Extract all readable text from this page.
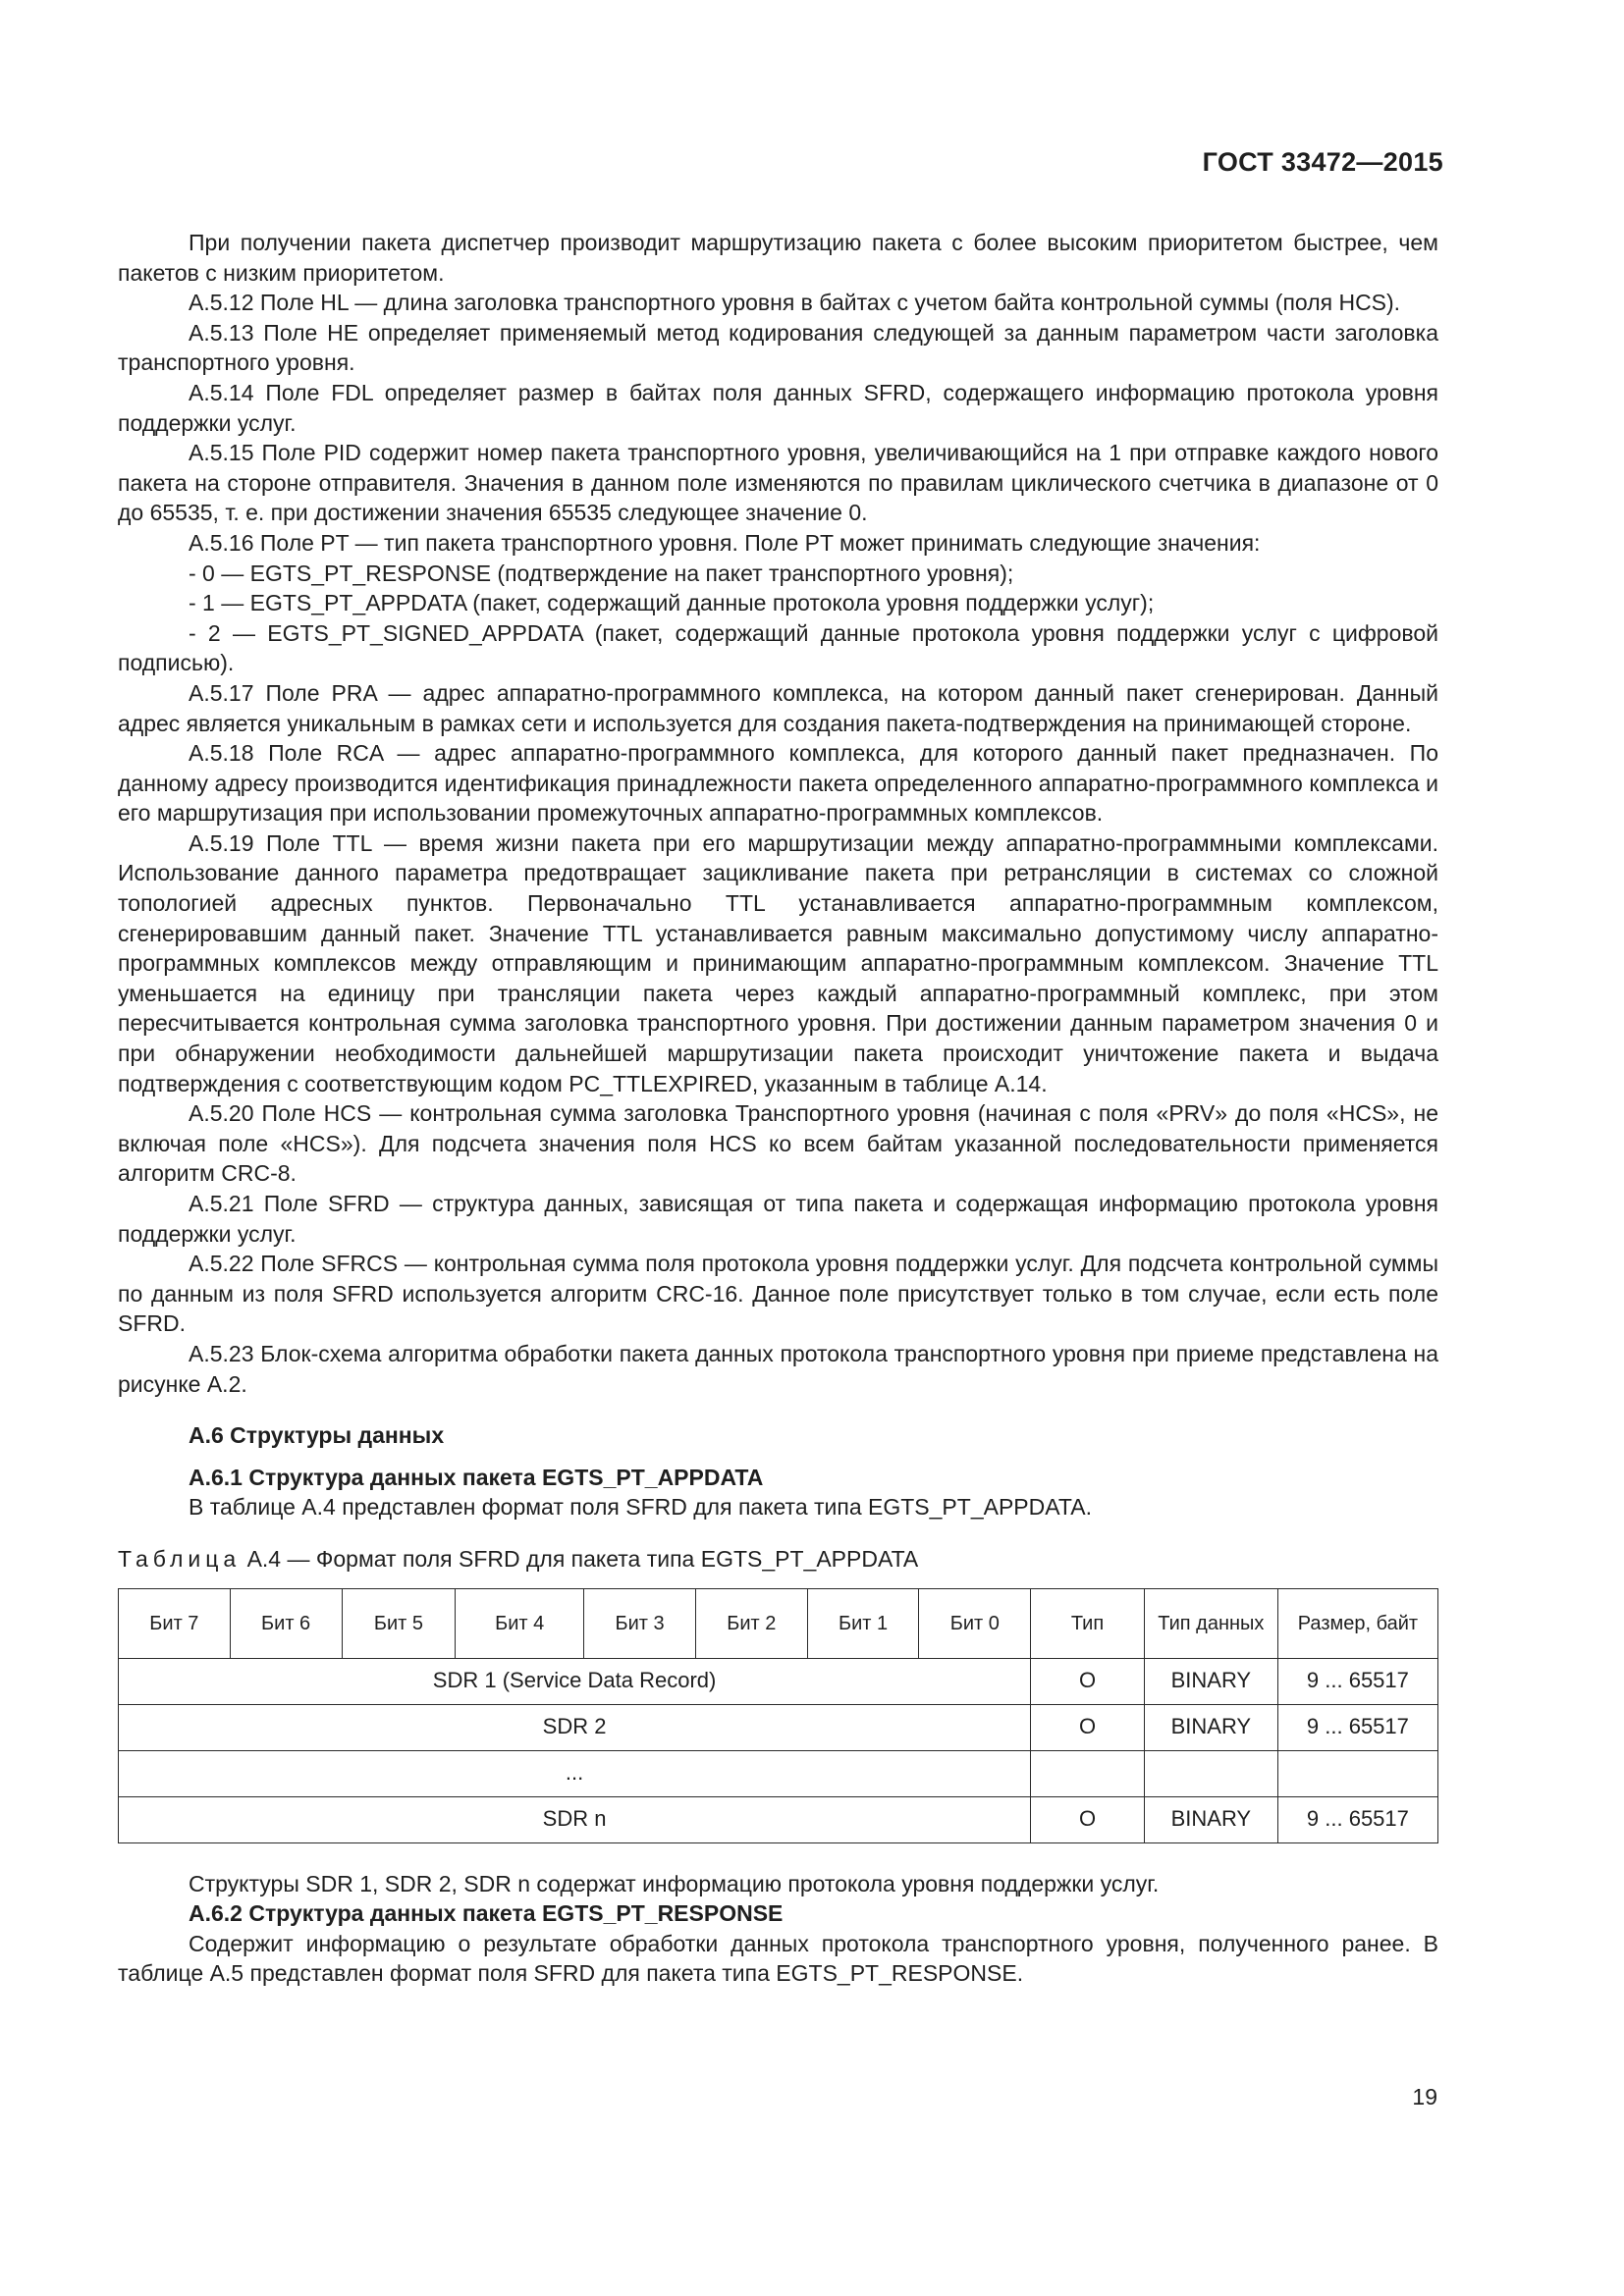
ГОСТ 33472—2015

При получении пакета диспетчер производит маршрутизацию пакета с более высоким приоритетом быстрее, чем пакетов с низким приоритетом.

А.5.12 Поле HL — длина заголовка транспортного уровня в байтах с учетом байта контрольной суммы (поля HCS).

А.5.13 Поле HE определяет применяемый метод кодирования следующей за данным параметром части заголовка транспортного уровня.

А.5.14 Поле FDL определяет размер в байтах поля данных SFRD, содержащего информацию протокола уровня поддержки услуг.

А.5.15 Поле PID содержит номер пакета транспортного уровня, увеличивающийся на 1 при отправке каждого нового пакета на стороне отправителя. Значения в данном поле изменяются по правилам циклического счетчика в диапазоне от 0 до 65535, т. е. при достижении значения 65535 следующее значение 0.

А.5.16 Поле PT — тип пакета транспортного уровня. Поле PT может принимать следующие значения:

- 0 — EGTS_PT_RESPONSE (подтверждение на пакет транспортного уровня);

- 1 — EGTS_PT_APPDATA (пакет, содержащий данные протокола уровня поддержки услуг);

- 2 — EGTS_PT_SIGNED_APPDATA (пакет, содержащий данные протокола уровня поддержки услуг с цифровой подписью).

А.5.17 Поле PRA — адрес аппаратно-программного комплекса, на котором данный пакет сгенерирован. Данный адрес является уникальным в рамках сети и используется для создания пакета-подтверждения на принимающей стороне.

А.5.18 Поле RCA — адрес аппаратно-программного комплекса, для которого данный пакет предназначен. По данному адресу производится идентификация принадлежности пакета определенного аппаратно-программного комплекса и его маршрутизация при использовании промежуточных аппаратно-программных комплексов.

А.5.19 Поле TTL — время жизни пакета при его маршрутизации между аппаратно-программными комплексами. Использование данного параметра предотвращает зацикливание пакета при ретрансляции в системах со сложной топологией адресных пунктов. Первоначально TTL устанавливается аппаратно-программным комплексом, сгенерировавшим данный пакет. Значение TTL устанавливается равным максимально допустимому числу аппаратно-программных комплексов между отправляющим и принимающим аппаратно-программным комплексом. Значение TTL уменьшается на единицу при трансляции пакета через каждый аппаратно-программный комплекс, при этом пересчитывается контрольная сумма заголовка транспортного уровня. При достижении данным параметром значения 0 и при обнаружении необходимости дальнейшей маршрутизации пакета происходит уничтожение пакета и выдача подтверждения с соответствующим кодом PC_TTLEXPIRED, указанным в таблице А.14.

А.5.20 Поле HCS — контрольная сумма заголовка Транспортного уровня (начиная с поля «PRV» до поля «HCS», не включая поле «HCS»). Для подсчета значения поля HCS ко всем байтам указанной последовательности применяется алгоритм CRC-8.

А.5.21 Поле SFRD — структура данных, зависящая от типа пакета и содержащая информацию протокола уровня поддержки услуг.

А.5.22 Поле SFRCS — контрольная сумма поля протокола уровня поддержки услуг. Для подсчета контрольной суммы по данным из поля SFRD используется алгоритм CRC-16. Данное поле присутствует только в том случае, если есть поле SFRD.

А.5.23 Блок-схема алгоритма обработки пакета данных протокола транспортного уровня при приеме представлена на рисунке А.2.

А.6 Структуры данных

А.6.1 Структура данных пакета EGTS_PT_APPDATA

В таблице А.4 представлен формат поля SFRD для пакета типа EGTS_PT_APPDATA.

Таблица А.4 — Формат поля SFRD для пакета типа EGTS_PT_APPDATA

Бит 7	Бит 6	Бит 5	Бит 4	Бит 3	Бит 2	Бит 1	Бит 0	Тип	Тип данных	Размер, байт
SDR 1 (Service Data Record)								O	BINARY	9 ... 65517
SDR 2								O	BINARY	9 ... 65517
...										
SDR n								O	BINARY	9 ... 65517

Структуры SDR 1, SDR 2, SDR n содержат информацию протокола уровня поддержки услуг.

А.6.2 Структура данных пакета EGTS_PT_RESPONSE

Содержит информацию о результате обработки данных протокола транспортного уровня, полученного ранее. В таблице А.5 представлен формат поля SFRD для пакета типа EGTS_PT_RESPONSE.

19
